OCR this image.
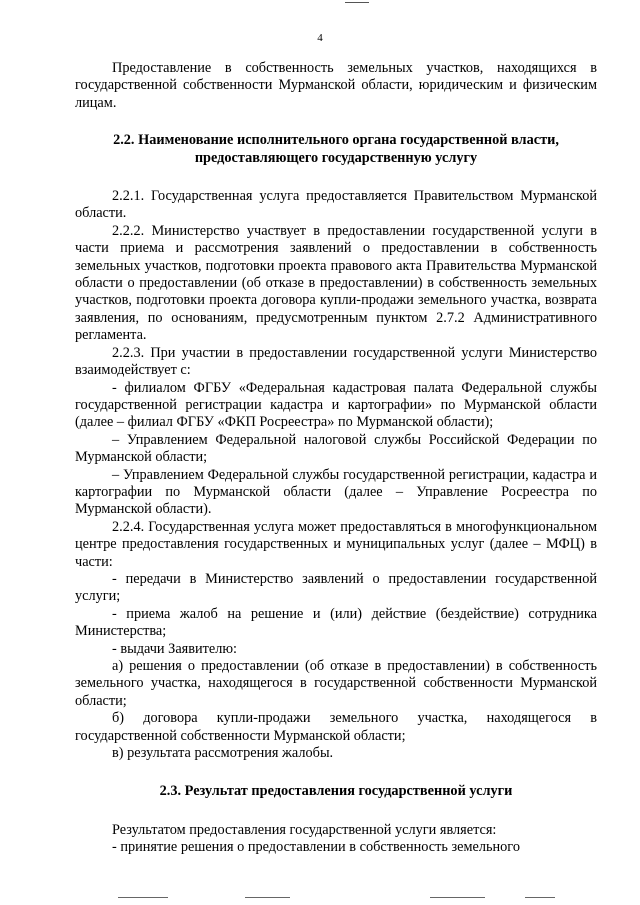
4

Предоставление в собственность земельных участков, находящихся в государственной собственности Мурманской области, юридическим и физическим лицам.

2.2. Наименование исполнительного органа государственной власти, предоставляющего государственную услугу

2.2.1. Государственная услуга предоставляется Правительством Мурманской области.

2.2.2. Министерство участвует в предоставлении государственной услуги в части приема и рассмотрения заявлений о предоставлении в собственность земельных участков, подготовки проекта правового акта Правительства Мурманской области о предоставлении (об отказе в предоставлении) в собственность земельных участков, подготовки проекта договора купли-продажи земельного участка, возврата заявления, по основаниям, предусмотренным пунктом 2.7.2 Административного регламента.

2.2.3. При участии в предоставлении государственной услуги Министерство взаимодействует с:

- филиалом ФГБУ «Федеральная кадастровая палата Федеральной службы государственной регистрации кадастра и картографии» по Мурманской области (далее – филиал ФГБУ «ФКП Росреестра» по Мурманской области);

– Управлением Федеральной налоговой службы Российской Федерации по Мурманской области;

– Управлением Федеральной службы государственной регистрации, кадастра и картографии по Мурманской области (далее – Управление Росреестра по Мурманской области).

2.2.4. Государственная услуга может предоставляться в многофункциональном центре предоставления государственных и муниципальных услуг (далее – МФЦ) в части:

- передачи в Министерство заявлений о предоставлении государственной услуги;

- приема жалоб на решение и (или) действие (бездействие) сотрудника Министерства;

- выдачи Заявителю:

а) решения о предоставлении (об отказе в предоставлении) в собственность земельного участка, находящегося в государственной собственности Мурманской области;

б) договора купли-продажи земельного участка, находящегося в государственной собственности Мурманской области;

в) результата рассмотрения жалобы.

2.3. Результат предоставления государственной услуги

Результатом предоставления государственной услуги является:

- принятие решения о предоставлении в собственность земельного
